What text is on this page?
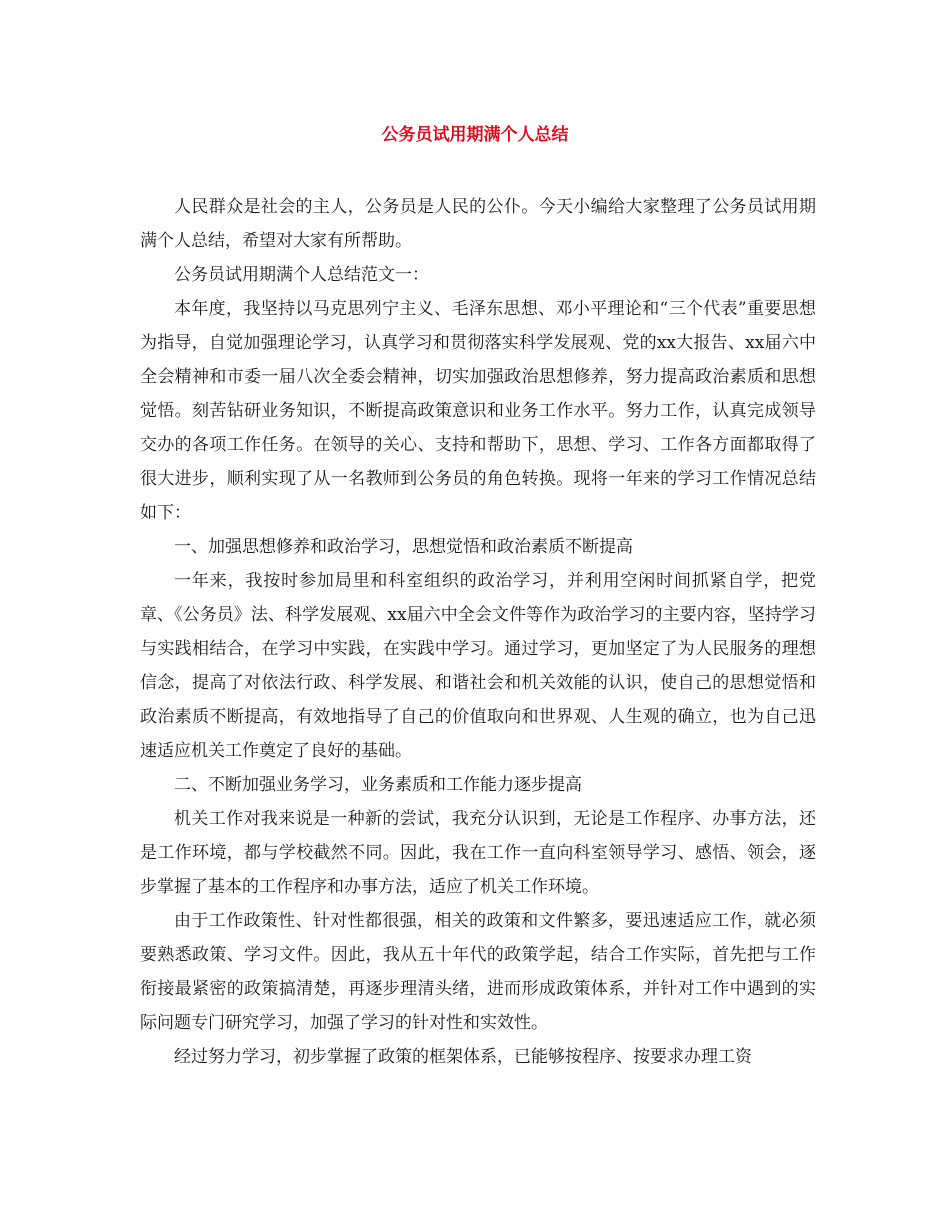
公务员试用期满个人总结

人民群众是社会的主人，公务员是人民的公仆。今天小编给大家整理了公务员试用期满个人总结，希望对大家有所帮助。

公务员试用期满个人总结范文一：

本年度，我坚持以马克思列宁主义、毛泽东思想、邓小平理论和“三个代表”重要思想为指导，自觉加强理论学习，认真学习和贯彻落实科学发展观、党的xx大报告、xx届六中全会精神和市委一届八次全委会精神，切实加强政治思想修养，努力提高政治素质和思想觉悟。刻苦钻研业务知识，不断提高政策意识和业务工作水平。努力工作，认真完成领导交办的各项工作任务。在领导的关心、支持和帮助下，思想、学习、工作各方面都取得了很大进步，顺利实现了从一名教师到公务员的角色转换。现将一年来的学习工作情况总结如下：

一、加强思想修养和政治学习，思想觉悟和政治素质不断提高

一年来，我按时参加局里和科室组织的政治学习，并利用空闲时间抓紧自学，把党章、《公务员》法、科学发展观、xx届六中全会文件等作为政治学习的主要内容，坚持学习与实践相结合，在学习中实践，在实践中学习。通过学习，更加坚定了为人民服务的理想信念，提高了对依法行政、科学发展、和谐社会和机关效能的认识，使自己的思想觉悟和政治素质不断提高，有效地指导了自己的价值取向和世界观、人生观的确立，也为自己迅速适应机关工作奠定了良好的基础。

二、不断加强业务学习，业务素质和工作能力逐步提高

机关工作对我来说是一种新的尝试，我充分认识到，无论是工作程序、办事方法，还是工作环境，都与学校截然不同。因此，我在工作一直向科室领导学习、感悟、领会，逐步掌握了基本的工作程序和办事方法，适应了机关工作环境。

由于工作政策性、针对性都很强，相关的政策和文件繁多，要迅速适应工作，就必须要熟悉政策、学习文件。因此，我从五十年代的政策学起，结合工作实际，首先把与工作衔接最紧密的政策搞清楚，再逐步理清头绪，进而形成政策体系，并针对工作中遇到的实际问题专门研究学习，加强了学习的针对性和实效性。

经过努力学习，初步掌握了政策的框架体系，已能够按程序、按要求办理工资
